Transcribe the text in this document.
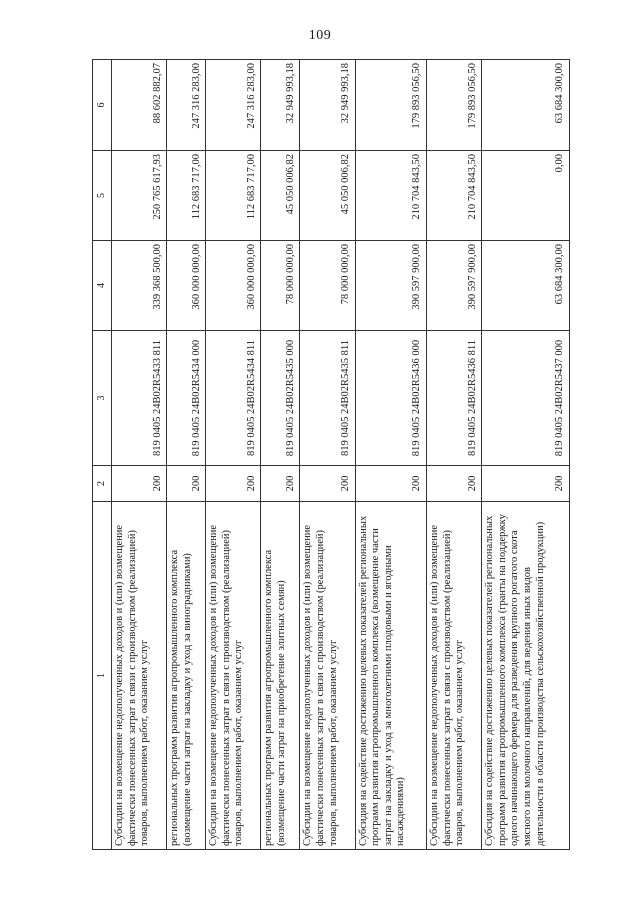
109
1	2	3	4	5	6
Субсидии на возмещение недополученных доходов и (или) возмещение фактически понесенных затрат в связи с производством (реализацией) товаров, выполнением работ, оказанием услуг	200	819 0405 24В02R5433 811	339 368 500,00	250 765 617,93	88 602 882,07
региональных программ развития агропромышленного комплекса (возмещение части затрат на закладку и уход за виноградниками)	200	819 0405 24В02R5434 000	360 000 000,00	112 683 717,00	247 316 283,00
Субсидии на возмещение недополученных доходов и (или) возмещение фактически понесенных затрат в связи с производством (реализацией) товаров, выполнением работ, оказанием услуг	200	819 0405 24В02R5434 811	360 000 000,00	112 683 717,00	247 316 283,00
региональных программ развития агропромышленного комплекса (возмещение части затрат на приобретение элитных семян)	200	819 0405 24В02R5435 000	78 000 000,00	45 050 006,82	32 949 993,18
Субсидии на возмещение недополученных доходов и (или) возмещение фактически понесенных затрат в связи с производством (реализацией) товаров, выполнением работ, оказанием услуг	200	819 0405 24В02R5435 811	78 000 000,00	45 050 006,82	32 949 993,18
Субсидия на содействие достижению целевых показателей региональных программ развития агропромышленного комплекса (возмещение части затрат на закладку и уход за многолетними плодовыми и ягодными насаждениями)	200	819 0405 24В02R5436 000	390 597 900,00	210 704 843,50	179 893 056,50
Субсидии на возмещение недополученных доходов и (или) возмещение фактически понесенных затрат в связи с производством (реализацией) товаров, выполнением работ, оказанием услуг	200	819 0405 24В02R5436 811	390 597 900,00	210 704 843,50	179 893 056,50
Субсидия на содействие достижению целевых показателей региональных программ развития агропромышленного комплекса (гранты на поддержку одного начинающего фермера для разведения крупного рогатого скота мясного или молочного направлений, для ведения иных видов деятельности в области производства сельскохозяйственной продукции)	200	819 0405 24В02R5437 000	63 684 300,00	0,00	63 684 300,00
